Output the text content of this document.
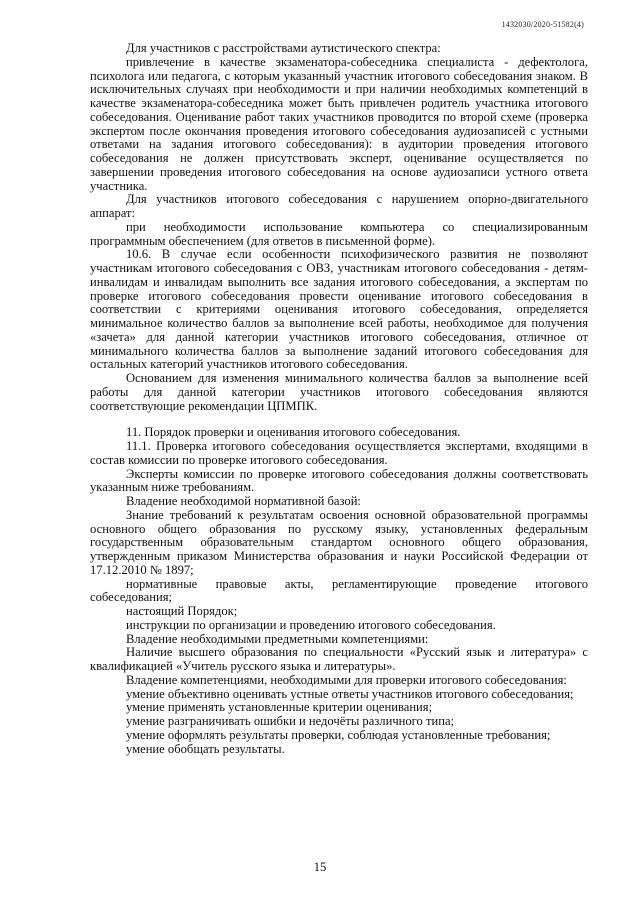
1432030/2020-51582(4)

Для участников с расстройствами аутистического спектра:

привлечение в качестве экзаменатора-собеседника специалиста - дефектолога, психолога или педагога, с которым указанный участник итогового собеседования знаком. В исключительных случаях при необходимости и при наличии необходимых компетенций в качестве экзаменатора-собеседника может быть привлечен родитель участника итогового собеседования. Оценивание работ таких участников проводится по второй схеме (проверка экспертом после окончания проведения итогового собеседования аудиозаписей с устными ответами на задания итогового собеседования): в аудитории проведения итогового собеседования не должен присутствовать эксперт, оценивание осуществляется по завершении проведения итогового собеседования на основе аудиозаписи устного ответа участника.

Для участников итогового собеседования с нарушением опорно-двигательного аппарат:

при необходимости использование компьютера со специализированным программным обеспечением (для ответов в письменной форме).

10.6. В случае если особенности психофизического развития не позволяют участникам итогового собеседования с ОВЗ, участникам итогового собеседования - детям-инвалидам и инвалидам выполнить все задания итогового собеседования, а экспертам по проверке итогового собеседования провести оценивание итогового собеседования в соответствии с критериями оценивания итогового собеседования, определяется минимальное количество баллов за выполнение всей работы, необходимое для получения «зачета» для данной категории участников итогового собеседования, отличное от минимального количества баллов за выполнение заданий итогового собеседования для остальных категорий участников итогового собеседования.

Основанием для изменения минимального количества баллов за выполнение всей работы для данной категории участников итогового собеседования являются соответствующие рекомендации ЦПМПК.

11. Порядок проверки и оценивания итогового собеседования.

11.1. Проверка итогового собеседования осуществляется экспертами, входящими в состав комиссии по проверке итогового собеседования.

Эксперты комиссии по проверке итогового собеседования должны соответствовать указанным ниже требованиям.

Владение необходимой нормативной базой:

Знание требований к результатам освоения основной образовательной программы основного общего образования по русскому языку, установленных федеральным государственным образовательным стандартом основного общего образования, утвержденным приказом Министерства образования и науки Российской Федерации от 17.12.2010 № 1897;

нормативные правовые акты, регламентирующие проведение итогового собеседования;

настоящий Порядок;

инструкции по организации и проведению итогового собеседования.

Владение необходимыми предметными компетенциями:

Наличие высшего образования по специальности «Русский язык и литература» с квалификацией «Учитель русского языка и литературы».

Владение компетенциями, необходимыми для проверки итогового собеседования:

умение объективно оценивать устные ответы участников итогового собеседования;

умение применять установленные критерии оценивания;

умение разграничивать ошибки и недочёты различного типа;

умение оформлять результаты проверки, соблюдая установленные требования;

умение обобщать результаты.

15
